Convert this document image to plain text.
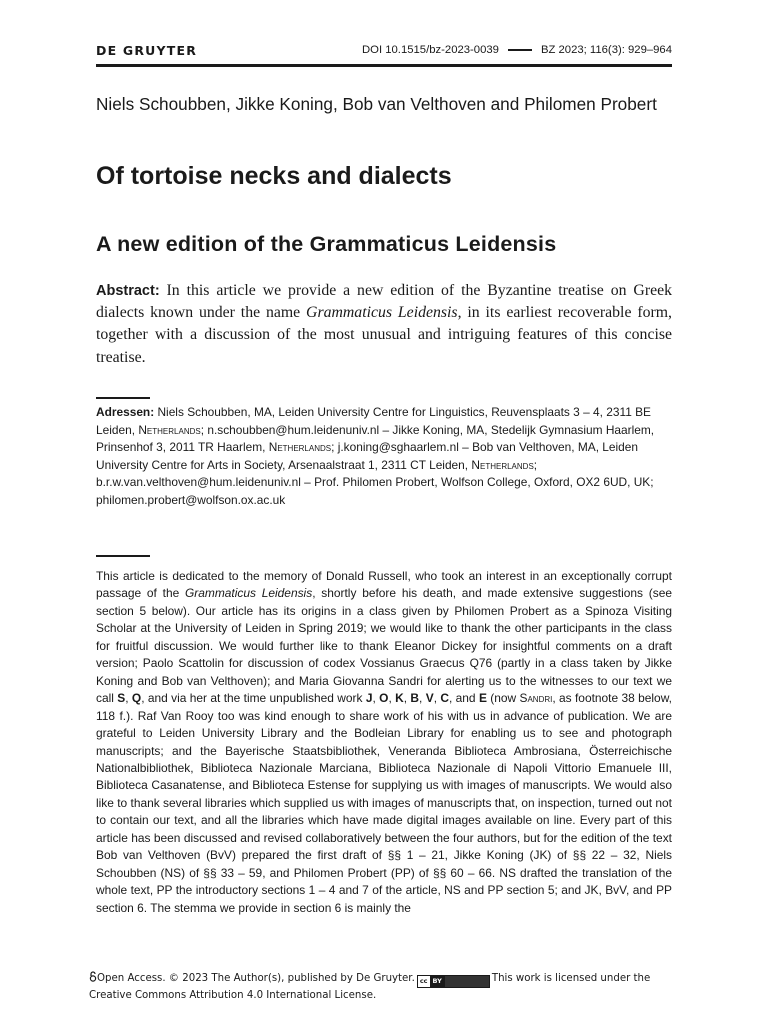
DE GRUYTER	DOI 10.1515/bz-2023-0039	BZ 2023; 116(3): 929–964
Niels Schoubben, Jikke Koning, Bob van Velthoven and Philomen Probert
Of tortoise necks and dialects
A new edition of the Grammaticus Leidensis

Abstract: In this article we provide a new edition of the Byzantine treatise on Greek dialects known under the name Grammaticus Leidensis, in its earliest recoverable form, together with a discussion of the most unusual and intriguing features of this concise treatise.

Adressen: Niels Schoubben, MA, Leiden University Centre for Linguistics, Reuvensplaats 3 – 4, 2311 BE Leiden, Netherlands; n.schoubben@hum.leidenuniv.nl – Jikke Koning, MA, Stedelijk Gymnasium Haarlem, Prinsenhof 3, 2011 TR Haarlem, Netherlands; j.koning@sghaarlem.nl – Bob van Velthoven, MA, Leiden University Centre for Arts in Society, Arsenaalstraat 1, 2311 CT Leiden, Netherlands; b.r.w.van.velthoven@hum.leidenuniv.nl – Prof. Philomen Probert, Wolfson College, Oxford, OX2 6UD, UK; philomen.probert@wolfson.ox.ac.uk

This article is dedicated to the memory of Donald Russell, who took an interest in an exceptionally corrupt passage of the Grammaticus Leidensis, shortly before his death, and made extensive suggestions (see section 5 below). Our article has its origins in a class given by Philomen Probert as a Spinoza Visiting Scholar at the University of Leiden in Spring 2019; we would like to thank the other participants in the class for fruitful discussion. We would further like to thank Eleanor Dickey for insightful comments on a draft version; Paolo Scattolin for discussion of codex Vossianus Graecus Q76 (partly in a class taken by Jikke Koning and Bob van Velthoven); and Maria Giovanna Sandri for alerting us to the witnesses to our text we call S, Q, and via her at the time unpublished work J, O, K, B, V, C, and E (now Sandri, as footnote 38 below, 118 f.). Raf Van Rooy too was kind enough to share work of his with us in advance of publication. We are grateful to Leiden University Library and the Bodleian Library for enabling us to see and photograph manuscripts; and the Bayerische Staatsbibliothek, Veneranda Biblioteca Ambrosiana, Österreichische Nationalbibliothek, Biblioteca Nazionale Marciana, Biblioteca Nazionale di Napoli Vittorio Emanuele III, Biblioteca Casanatense, and Biblioteca Estense for supplying us with images of manuscripts. We would also like to thank several libraries which supplied us with images of manuscripts that, on inspection, turned out not to contain our text, and all the libraries which have made digital images available on line. Every part of this article has been discussed and revised collaboratively between the four authors, but for the edition of the text Bob van Velthoven (BvV) prepared the first draft of §§ 1 – 21, Jikke Koning (JK) of §§ 22 – 32, Niels Schoubben (NS) of §§ 33 – 59, and Philomen Probert (PP) of §§ 60 – 66. NS drafted the translation of the whole text, PP the introductory sections 1 – 4 and 7 of the article, NS and PP section 5; and JK, BvV, and PP section 6. The stemma we provide in section 6 is mainly the

Open Access. © 2023 The Author(s), published by De Gruyter. cc BY	This work is licensed under the Creative Commons Attribution 4.0 International License.
